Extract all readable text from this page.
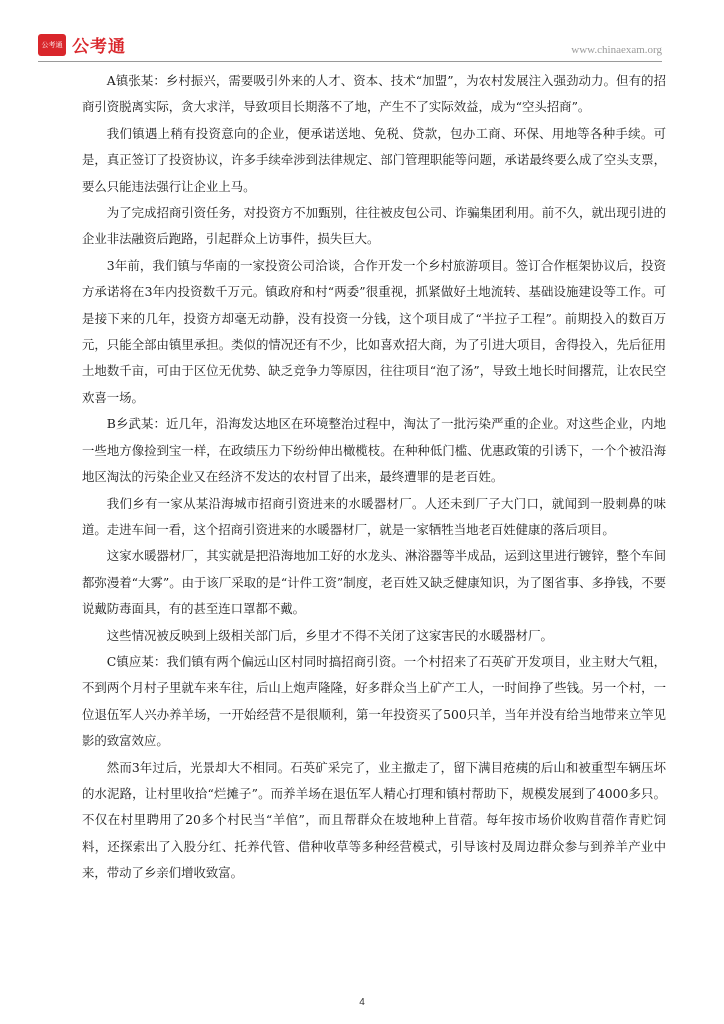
公考通 公考通	www.chinaexam.org

A镇张某：乡村振兴，需要吸引外来的人才、资本、技术“加盟”，为农村发展注入强劲动力。但有的招商引资脱离实际，贪大求洋，导致项目长期落不了地，产生不了实际效益，成为“空头招商”。

我们镇遇上稍有投资意向的企业，便承诺送地、免税、贷款，包办工商、环保、用地等各种手续。可是，真正签订了投资协议，许多手续牵涉到法律规定、部门管理职能等问题，承诺最终要么成了空头支票，要么只能违法强行让企业上马。

为了完成招商引资任务，对投资方不加甄别，往往被皮包公司、诈骗集团利用。前不久，就出现引进的企业非法融资后跑路，引起群众上访事件，损失巨大。

3年前，我们镇与华南的一家投资公司洽谈，合作开发一个乡村旅游项目。签订合作框架协议后，投资方承诺将在3年内投资数千万元。镇政府和村“两委”很重视，抓紧做好土地流转、基础设施建设等工作。可是接下来的几年，投资方却毫无动静，没有投资一分钱，这个项目成了“半拉子工程”。前期投入的数百万元，只能全部由镇里承担。类似的情况还有不少，比如喜欢招大商，为了引进大项目，舍得投入，先后征用土地数千亩，可由于区位无优势、缺乏竞争力等原因，往往项目“泡了汤”，导致土地长时间撂荒，让农民空欢喜一场。

B乡武某：近几年，沿海发达地区在环境整治过程中，淘汰了一批污染严重的企业。对这些企业，内地一些地方像捡到宝一样，在政绩压力下纷纷伸出橄榄枝。在种种低门槛、优惠政策的引诱下，一个个被沿海地区淘汰的污染企业又在经济不发达的农村冒了出来，最终遭罪的是老百姓。

我们乡有一家从某沿海城市招商引资进来的水暖器材厂。人还未到厂子大门口，就闻到一股刺鼻的味道。走进车间一看，这个招商引资进来的水暖器材厂，就是一家牺牲当地老百姓健康的落后项目。

这家水暖器材厂，其实就是把沿海地加工好的水龙头、淋浴器等半成品，运到这里进行镀锌，整个车间都弥漫着“大雾”。由于该厂采取的是“计件工资”制度，老百姓又缺乏健康知识，为了图省事、多挣钱，不要说戴防毒面具，有的甚至连口罩都不戴。

这些情况被反映到上级相关部门后，乡里才不得不关闭了这家害民的水暖器材厂。

C镇应某：我们镇有两个偏远山区村同时搞招商引资。一个村招来了石英矿开发项目，业主财大气粗，不到两个月村子里就车来车往，后山上炮声隆隆，好多群众当上矿产工人，一时间挣了些钱。另一个村，一位退伍军人兴办养羊场，一开始经营不是很顺利，第一年投资买了500只羊，当年并没有给当地带来立竿见影的致富效应。

然而3年过后，光景却大不相同。石英矿采完了，业主撤走了，留下满目疮痍的后山和被重型车辆压坏的水泥路，让村里收拾“烂摊子”。而养羊场在退伍军人精心打理和镇村帮助下，规模发展到了4000多只。不仅在村里聘用了20多个村民当“羊倌”，而且帮群众在坡地种上苜蓿。每年按市场价收购苜蓿作青贮饲料，还探索出了入股分红、托养代管、借种收草等多种经营模式，引导该村及周边群众参与到养羊产业中来，带动了乡亲们增收致富。

4
